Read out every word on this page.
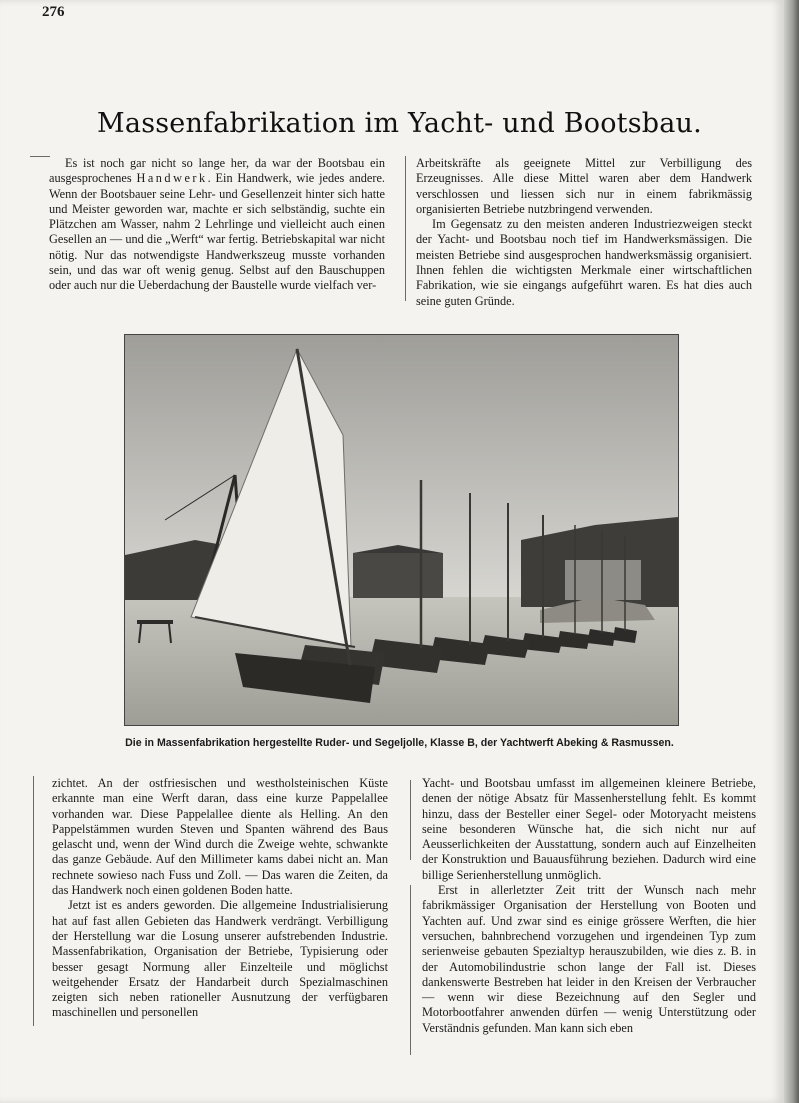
276
Massenfabrikation im Yacht- und Bootsbau.

Es ist noch gar nicht so lange her, da war der Bootsbau ein ausgesprochenes Handwerk. Ein Handwerk, wie jedes andere. Wenn der Bootsbauer seine Lehr- und Gesellenzeit hinter sich hatte und Meister geworden war, machte er sich selbständig, suchte ein Plätzchen am Wasser, nahm 2 Lehrlinge und vielleicht auch einen Gesellen an — und die „Werft“ war fertig. Betriebskapital war nicht nötig. Nur das notwendigste Handwerkszeug musste vorhanden sein, und das war oft wenig genug. Selbst auf den Bauschuppen oder auch nur die Ueberdachung der Baustelle wurde vielfach ver-

Arbeitskräfte als geeignete Mittel zur Verbilligung des Erzeugnisses. Alle diese Mittel waren aber dem Handwerk verschlossen und liessen sich nur in einem fabrikmässig organisierten Betriebe nutzbringend verwenden.

Im Gegensatz zu den meisten anderen Industriezweigen steckt der Yacht- und Bootsbau noch tief im Handwerksmässigen. Die meisten Betriebe sind ausgesprochen handwerksmässig organisiert. Ihnen fehlen die wichtigsten Merkmale einer wirtschaftlichen Fabrikation, wie sie eingangs aufgeführt waren. Es hat dies auch seine guten Gründe.

Die in Massenfabrikation hergestellte Ruder- und Segeljolle, Klasse B, der Yachtwerft Abeking & Rasmussen.

zichtet. An der ostfriesischen und westholsteinischen Küste erkannte man eine Werft daran, dass eine kurze Pappelallee vorhanden war. Diese Pappelallee diente als Helling. An den Pappelstämmen wurden Steven und Spanten während des Baus gelascht und, wenn der Wind durch die Zweige wehte, schwankte das ganze Gebäude. Auf den Millimeter kams dabei nicht an. Man rechnete sowieso nach Fuss und Zoll. — Das waren die Zeiten, da das Handwerk noch einen goldenen Boden hatte.

Jetzt ist es anders geworden. Die allgemeine Industrialisierung hat auf fast allen Gebieten das Handwerk verdrängt. Verbilligung der Herstellung war die Losung unserer aufstrebenden Industrie. Massenfabrikation, Organisation der Betriebe, Typisierung oder besser gesagt Normung aller Einzelteile und möglichst weitgehender Ersatz der Handarbeit durch Spezialmaschinen zeigten sich neben rationeller Ausnutzung der verfügbaren maschinellen und personellen

Yacht- und Bootsbau umfasst im allgemeinen kleinere Betriebe, denen der nötige Absatz für Massenherstellung fehlt. Es kommt hinzu, dass der Besteller einer Segel- oder Motoryacht meistens seine besonderen Wünsche hat, die sich nicht nur auf Aeusserlichkeiten der Ausstattung, sondern auch auf Einzelheiten der Konstruktion und Bauausführung beziehen. Dadurch wird eine billige Serienherstellung unmöglich.

Erst in allerletzter Zeit tritt der Wunsch nach mehr fabrikmässiger Organisation der Herstellung von Booten und Yachten auf. Und zwar sind es einige grössere Werften, die hier versuchen, bahnbrechend vorzugehen und irgendeinen Typ zum serienweise gebauten Spezialtyp herauszubilden, wie dies z. B. in der Automobilindustrie schon lange der Fall ist. Dieses dankenswerte Bestreben hat leider in den Kreisen der Verbraucher — wenn wir diese Bezeichnung auf den Segler und Motorbootfahrer anwenden dürfen — wenig Unterstützung oder Verständnis gefunden. Man kann sich eben
